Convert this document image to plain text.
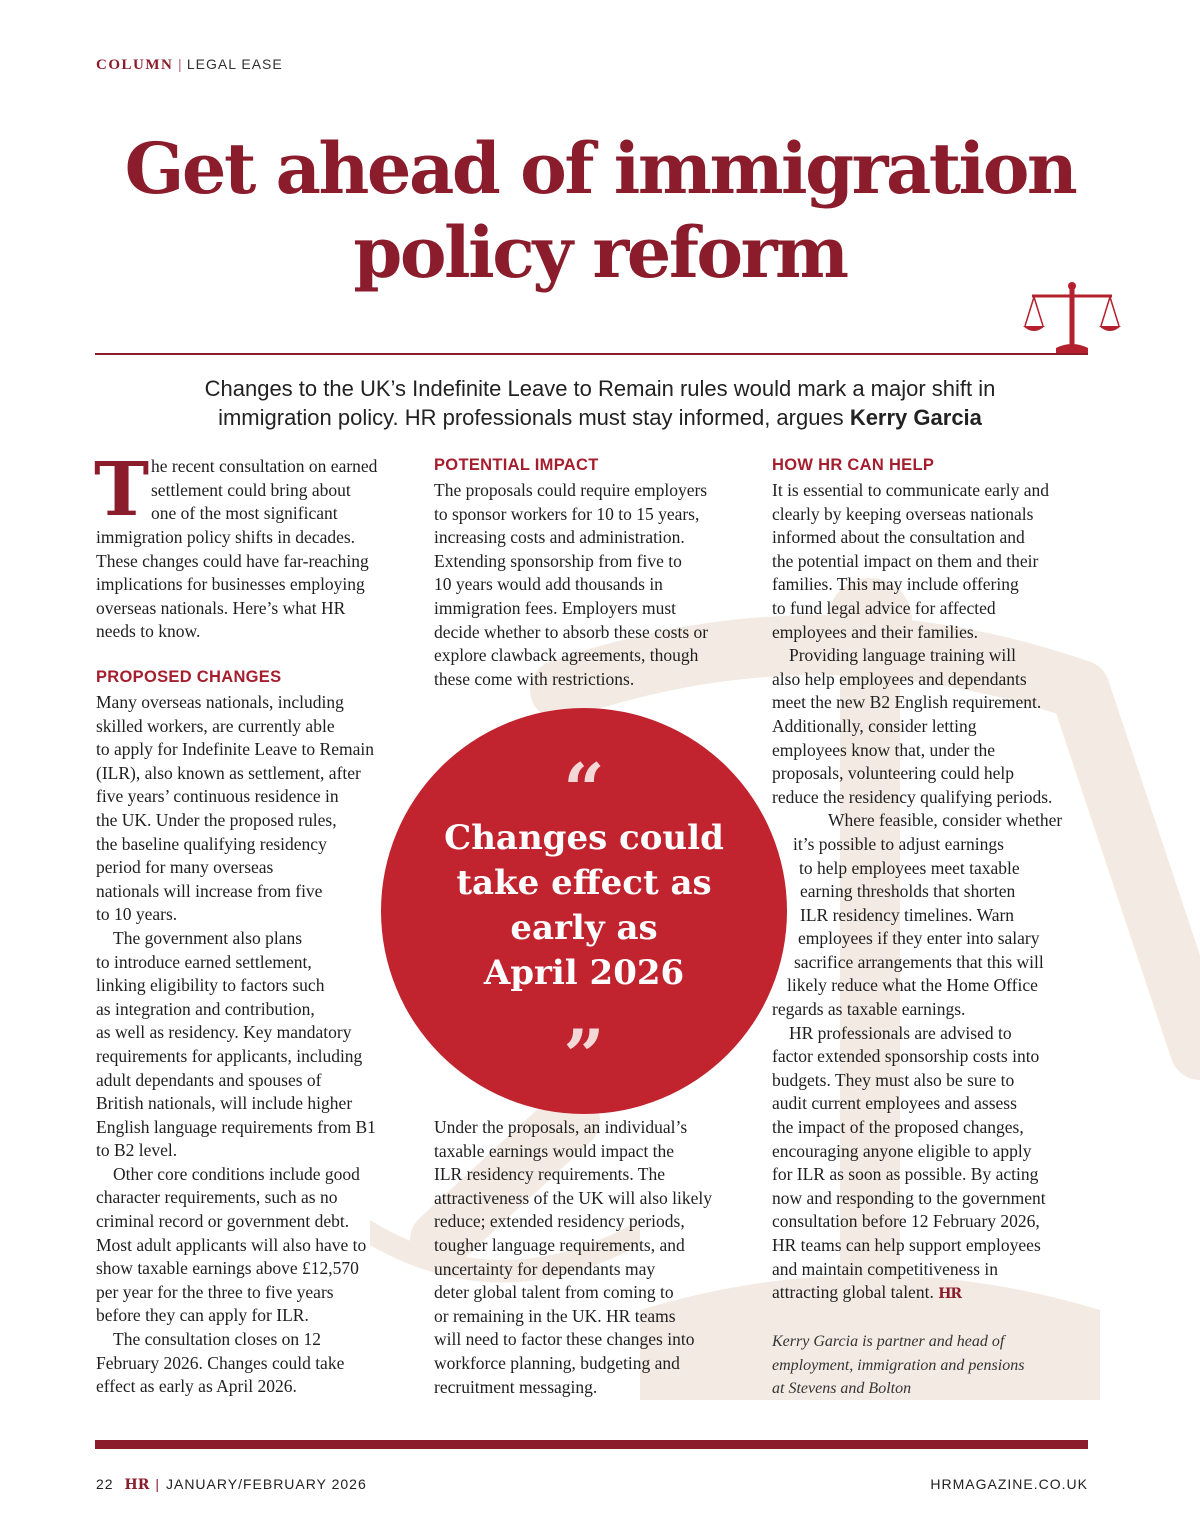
COLUMN | LEGAL EASE
Get ahead of immigration
policy reform
Changes to the UK’s Indefinite Leave to Remain rules would mark a major shift in
immigration policy. HR professionals must stay informed, argues Kerry Garcia
T he recent consultation on earned
settlement could bring about
one of the most significant
immigration policy shifts in decades.
These changes could have far-reaching
implications for businesses employing
overseas nationals. Here’s what HR
needs to know.
PROPOSED CHANGES
Many overseas nationals, including
skilled workers, are currently able
to apply for Indefinite Leave to Remain
(ILR), also known as settlement, after
five years’ continuous residence in
the UK. Under the proposed rules,
the baseline qualifying residency
period for many overseas
nationals will increase from five
to 10 years.
The government also plans
to introduce earned settlement,
linking eligibility to factors such
as integration and contribution,
as well as residency. Key mandatory
requirements for applicants, including
adult dependants and spouses of
British nationals, will include higher
English language requirements from B1
to B2 level.
Other core conditions include good
character requirements, such as no
criminal record or government debt.
Most adult applicants will also have to
show taxable earnings above £12,570
per year for the three to five years
before they can apply for ILR.
The consultation closes on 12
February 2026. Changes could take
effect as early as April 2026.
POTENTIAL IMPACT
The proposals could require employers
to sponsor workers for 10 to 15 years,
increasing costs and administration.
Extending sponsorship from five to
10 years would add thousands in
immigration fees. Employers must
decide whether to absorb these costs or
explore clawback agreements, though
these come with restrictions.
“
Changes could
take effect as
early as
April 2026
”
Under the proposals, an individual’s
taxable earnings would impact the
ILR residency requirements. The
attractiveness of the UK will also likely
reduce; extended residency periods,
tougher language requirements, and
uncertainty for dependants may
deter global talent from coming to
or remaining in the UK. HR teams
will need to factor these changes into
workforce planning, budgeting and
recruitment messaging.
HOW HR CAN HELP
It is essential to communicate early and
clearly by keeping overseas nationals
informed about the consultation and
the potential impact on them and their
families. This may include offering
to fund legal advice for affected
employees and their families.
Providing language training will
also help employees and dependants
meet the new B2 English requirement.
Additionally, consider letting
employees know that, under the
proposals, volunteering could help
reduce the residency qualifying periods.
Where feasible, consider whether
it’s possible to adjust earnings
to help employees meet taxable
earning thresholds that shorten
ILR residency timelines. Warn
employees if they enter into salary
sacrifice arrangements that this will
likely reduce what the Home Office
regards as taxable earnings.
HR professionals are advised to
factor extended sponsorship costs into
budgets. They must also be sure to
audit current employees and assess
the impact of the proposed changes,
encouraging anyone eligible to apply
for ILR as soon as possible. By acting
now and responding to the government
consultation before 12 February 2026,
HR teams can help support employees
and maintain competitiveness in
attracting global talent. HR
Kerry Garcia is partner and head of
employment, immigration and pensions
at Stevens and Bolton
22 HR | JANUARY/FEBRUARY 2026	HRMAGAZINE.CO.UK
